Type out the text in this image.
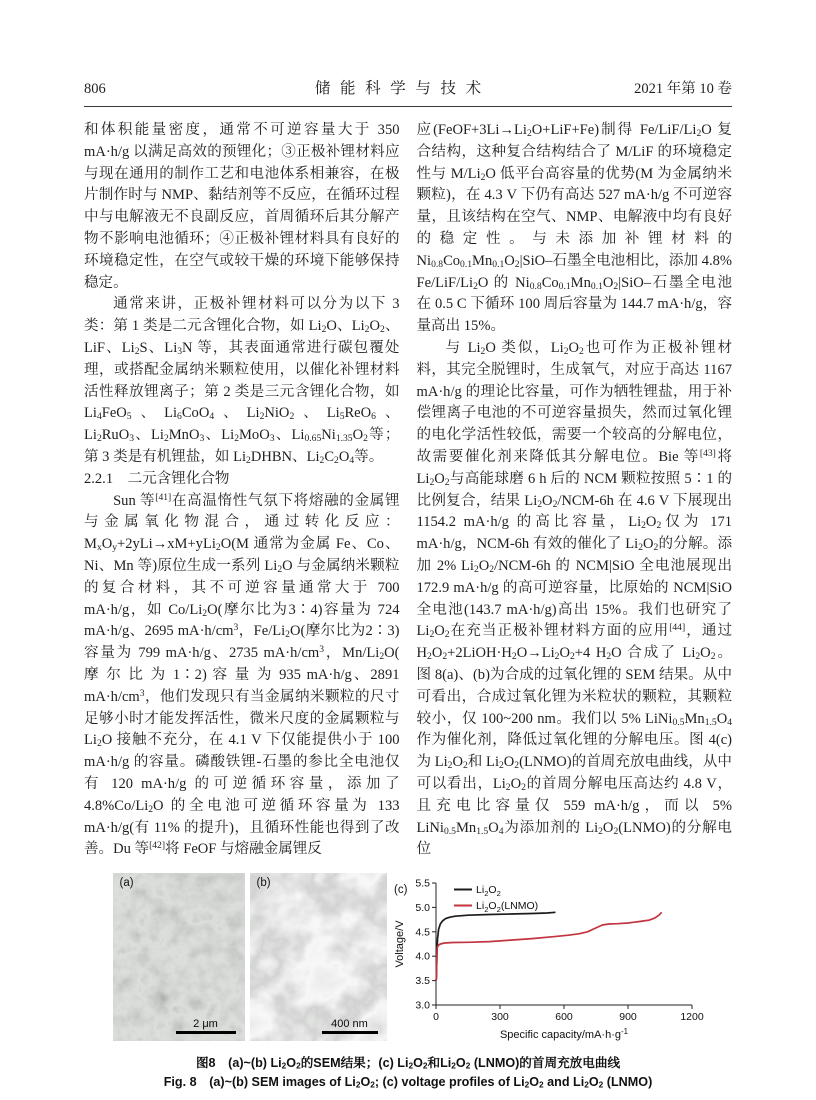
806	储能科学与技术	2021 年第 10 卷

和体积能量密度，通常不可逆容量大于 350 mA·h/g 以满足高效的预锂化；③正极补锂材料应与现在通用的制作工艺和电池体系相兼容，在极片制作时与 NMP、黏结剂等不反应，在循环过程中与电解液无不良副反应，首周循环后其分解产物不影响电池循环；④正极补锂材料具有良好的环境稳定性，在空气或较干燥的环境下能够保持稳定。

通常来讲，正极补锂材料可以分为以下 3 类：第 1 类是二元含锂化合物，如 $Li_2O$、$Li_2O_2$、LiF、$Li_2S$、$Li_3N$ 等，其表面通常进行碳包覆处理，或搭配金属纳米颗粒使用，以催化补锂材料活性释放锂离子；第 2 类是三元含锂化合物，如 $Li_4FeO_5$、$Li_6CoO_4$、$Li_2NiO_2$、$Li_5ReO_6$、$Li_2RuO_3$、$Li_2MnO_3$、$Li_2MoO_3$、$Li_{0.65}Ni_{1.35}O_2$等；第 3 类是有机锂盐，如 $Li_2DHBN$、$Li_2C_2O_4$等。

2.2.1　二元含锂化合物

Sun 等[41]在高温惰性气氛下将熔融的金属锂与金属氧化物混合，通过转化反应：$M_xO_y+2yLi\to xM+yLi_2O(M$ 通常为金属 Fe、Co、Ni、Mn 等)原位生成一系列 $Li_2O$ 与金属纳米颗粒的复合材料，其不可逆容量通常大于 700 mA·h/g，如 $Co/Li_2O$(摩尔比为3∶4)容量为 724 mA·h/g、2695 $mA\cdot h/cm^3$，$Fe/Li_2O$(摩尔比为2∶3)容量为 799 mA·h/g、2735 $mA\cdot h/cm^3$，$Mn/Li_2O$( 摩 尔 比 为 1∶2) 容 量 为 935 mA·h/g、2891 $mA\cdot h/cm^3$，他们发现只有当金属纳米颗粒的尺寸足够小时才能发挥活性，微米尺度的金属颗粒与 $Li_2O$ 接触不充分，在 4.1 V 下仅能提供小于 100 mA·h/g 的容量。磷酸铁锂-石墨的参比全电池仅有 120 mA·h/g 的可逆循环容量，添加了 $4.8\%Co/Li_2O$ 的全电池可逆循环容量为 133 mA·h/g(有 11% 的提升)，且循环性能也得到了改善。Du 等[42]将 FeOF 与熔融金属锂反

应$(FeOF+3Li\to Li_2O+LiF+Fe)$制得 $Fe/LiF/Li_2O$ 复合结构，这种复合结构结合了 M/LiF 的环境稳定性与 $M/Li_2O$ 低平台高容量的优势(M 为金属纳米颗粒)，在 4.3 V 下仍有高达 527 mA·h/g 不可逆容量，且该结构在空气、NMP、电解液中均有良好的稳定性。与未添加补锂材料的 $Ni_{0.8}Co_{0.1}Mn_{0.1}O_2|SiO-$石墨全电池相比，添加 4.8% $Fe/LiF/Li_2O$ 的 $Ni_{0.8}Co_{0.1}Mn_{0.1}O_2|SiO-$石墨全电池在 0.5 C 下循环 100 周后容量为 144.7 mA·h/g，容量高出 15%。

与 $Li_2O$ 类似，$Li_2O_2$也可作为正极补锂材料，其完全脱锂时，生成氧气，对应于高达 1167 mA·h/g 的理论比容量，可作为牺牲锂盐，用于补偿锂离子电池的不可逆容量损失，然而过氧化锂的电化学活性较低，需要一个较高的分解电位，故需要催化剂来降低其分解电位。Bie 等[43]将 $Li_2O_2$与高能球磨 6 h 后的 NCM 颗粒按照 5∶1 的比例复合，结果 $Li_2O_2/NCM-6h$ 在 4.6 V 下展现出 1154.2 mA·h/g 的高比容量，$Li_2O_2$仅为 171 mA·h/g，NCM-6h 有效的催化了 $Li_2O_2$的分解。添加 2% $Li_2O_2/NCM-6h$ 的 NCM|SiO 全电池展现出 172.9 mA·h/g 的高可逆容量，比原始的 NCM|SiO 全电池(143.7 mA·h/g)高出 15%。我们也研究了 $Li_2O_2$在充当正极补锂材料方面的应用[44]，通过 $H_2O_2+2LiOH\cdot H_2O\to Li_2O_2+4$ $H_2O$ 合成了 $Li_2O_2$。图 8(a)、(b)为合成的过氧化锂的 SEM 结果。从中可看出，合成过氧化锂为米粒状的颗粒，其颗粒较小，仅 100~200 nm。我们以 5% $LiNi_{0.5}Mn_{1.5}O_4$作为催化剂，降低过氧化锂的分解电压。图 4(c)为 $Li_2O_2$和 $Li_2O_2(LNMO)$的首周充放电曲线，从中可以看出，$Li_2O_2$的首周分解电压高达约 4.8 V，且充电比容量仅 559 mA·h/g，而以 5% $LiNi_{0.5}Mn_{1.5}O_4$为添加剂的 $Li_2O_2(LNMO)$的分解电位

(a)
2 μm
(b)
400 nm
3.0
3.5
4.0
4.5
5.0
5.5
0	300	600	900	1200
Specific capacity/$mA\cdot h\cdot g^{-1}$
Voltage/V
(c)	$Li_2O_2$
$Li_2O_2(LNMO)$
图8　(a)~(b) $Li_2O_2$的SEM结果；(c) $Li_2O_2$和$Li_2O_2$ (LNMO)的首周充放电曲线
Fig. 8　(a)~(b) SEM images of $Li_2O_2$; (c) voltage profiles of $Li_2O_2$ and $Li_2O_2$ (LNMO)
